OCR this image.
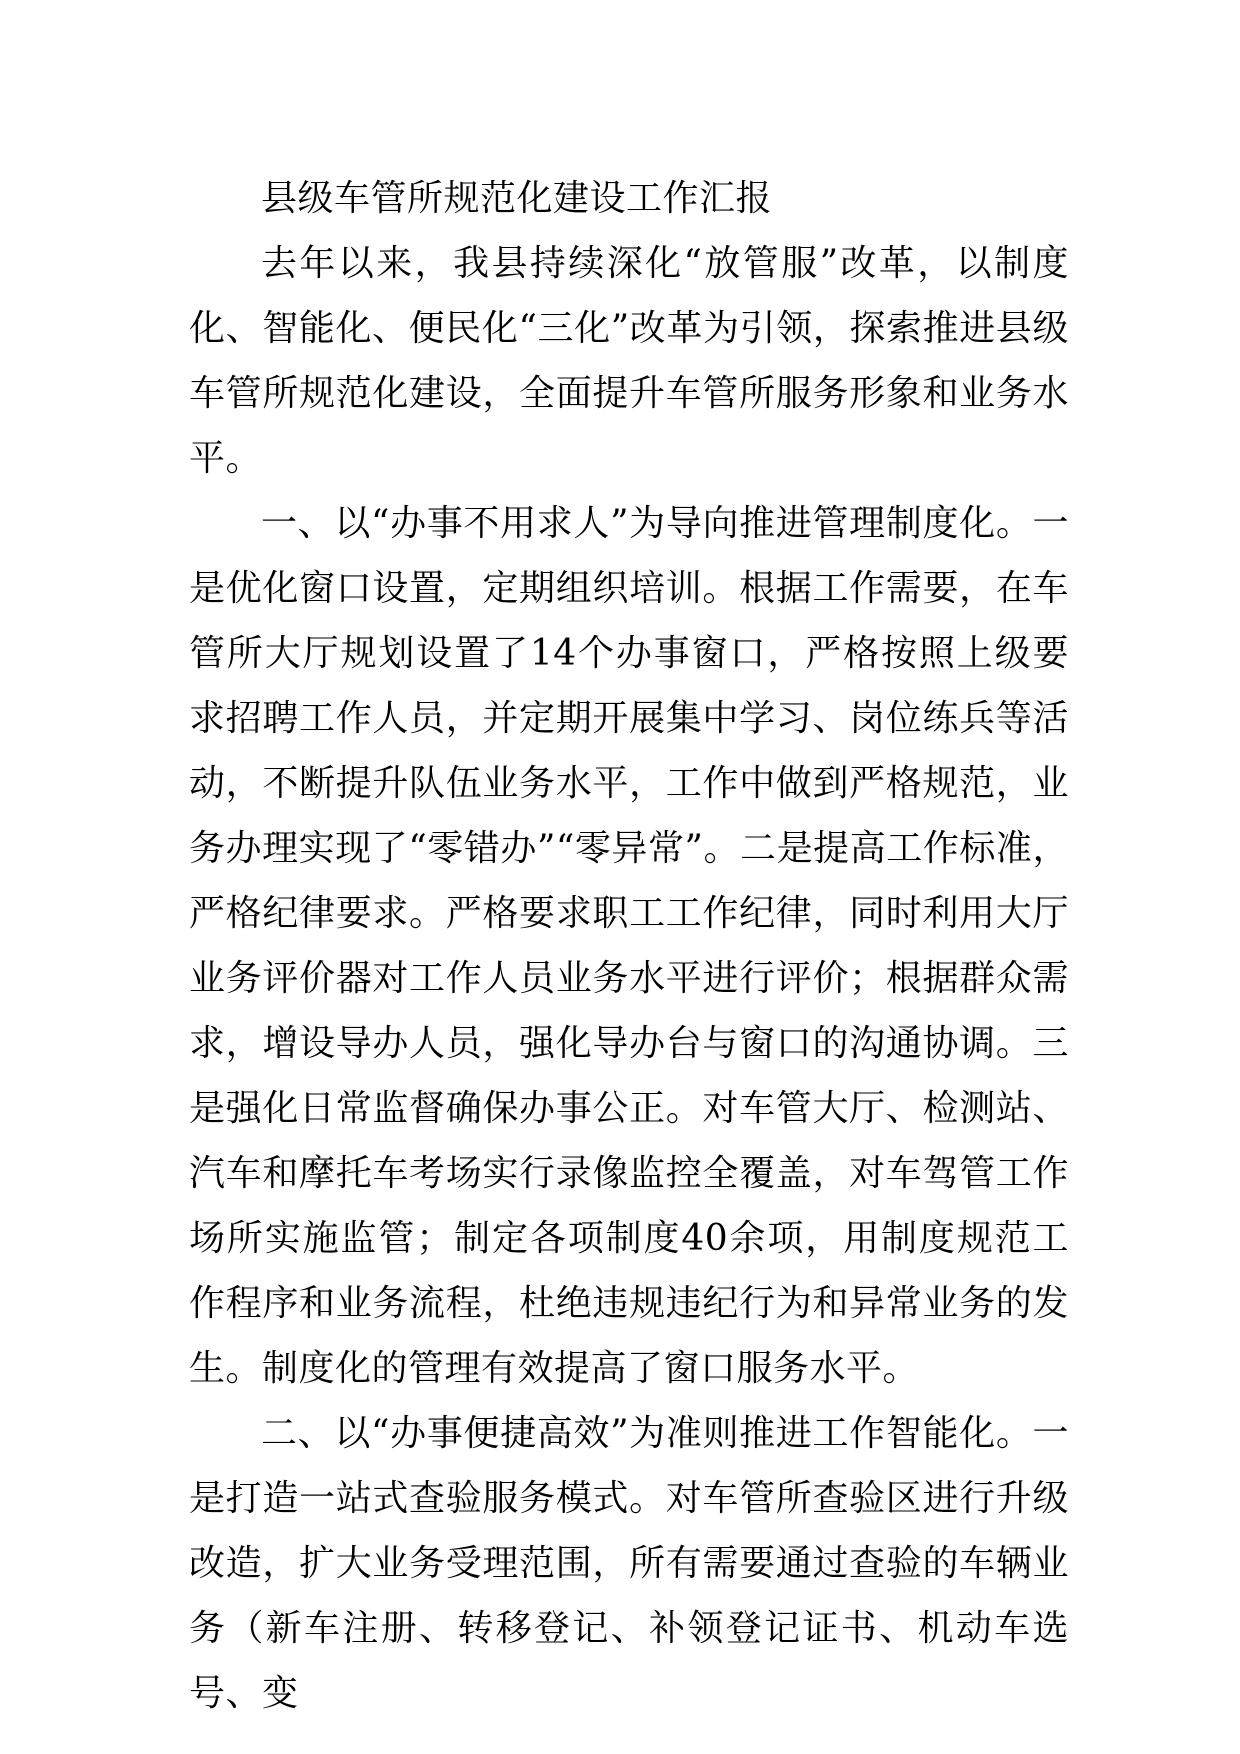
县级车管所规范化建设工作汇报

去年以来，我县持续深化“放管服”改革，以制度化、智能化、便民化“三化”改革为引领，探索推进县级车管所规范化建设，全面提升车管所服务形象和业务水平。

一、以“办事不用求人”为导向推进管理制度化。一是优化窗口设置，定期组织培训。根据工作需要，在车管所大厅规划设置了14个办事窗口，严格按照上级要求招聘工作人员，并定期开展集中学习、岗位练兵等活动，不断提升队伍业务水平，工作中做到严格规范，业务办理实现了“零错办”“零异常”。二是提高工作标准，严格纪律要求。严格要求职工工作纪律，同时利用大厅业务评价器对工作人员业务水平进行评价；根据群众需求，增设导办人员，强化导办台与窗口的沟通协调。三是强化日常监督确保办事公正。对车管大厅、检测站、汽车和摩托车考场实行录像监控全覆盖，对车驾管工作场所实施监管；制定各项制度40余项，用制度规范工作程序和业务流程，杜绝违规违纪行为和异常业务的发生。制度化的管理有效提高了窗口服务水平。

二、以“办事便捷高效”为准则推进工作智能化。一是打造一站式查验服务模式。对车管所查验区进行升级改造，扩大业务受理范围，所有需要通过查验的车辆业务（新车注册、转移登记、补领登记证书、机动车选号、变
